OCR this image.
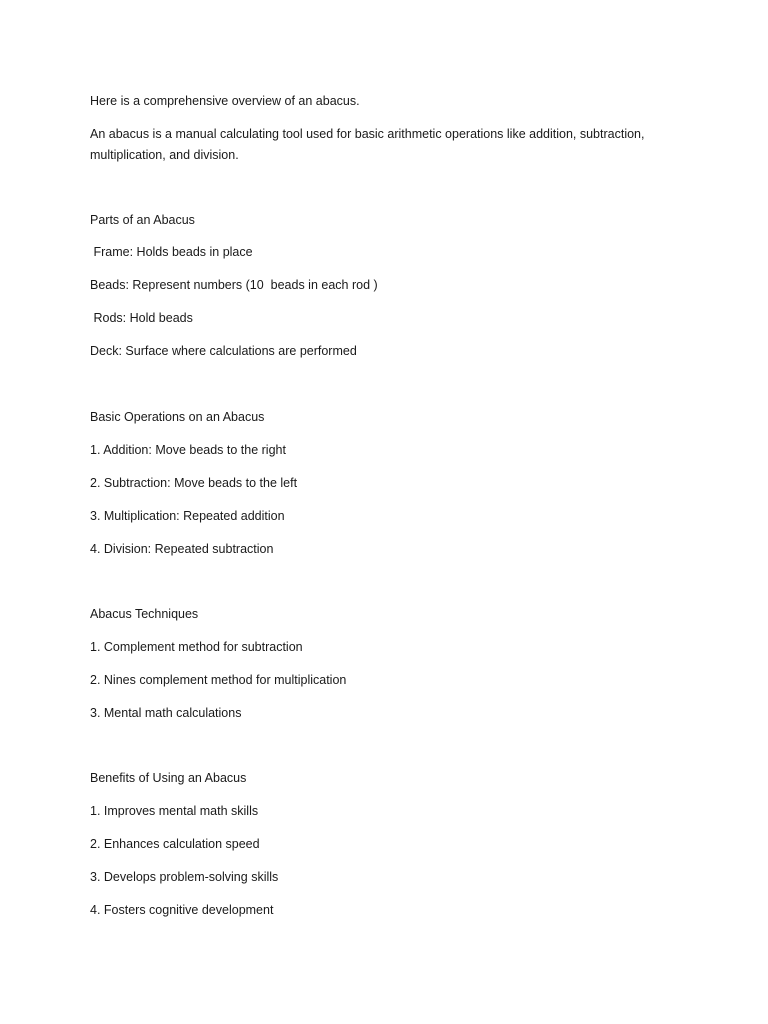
Here is a comprehensive overview of an abacus.

An abacus is a manual calculating tool used for basic arithmetic operations like addition, subtraction, multiplication, and division.

Parts of an Abacus

Frame: Holds beads in place

Beads: Represent numbers (10  beads in each rod )

Rods: Hold beads

Deck: Surface where calculations are performed

Basic Operations on an Abacus

1. Addition: Move beads to the right

2. Subtraction: Move beads to the left

3. Multiplication: Repeated addition

4. Division: Repeated subtraction

Abacus Techniques

1. Complement method for subtraction

2. Nines complement method for multiplication

3. Mental math calculations

Benefits of Using an Abacus

1. Improves mental math skills

2. Enhances calculation speed

3. Develops problem-solving skills

4. Fosters cognitive development
